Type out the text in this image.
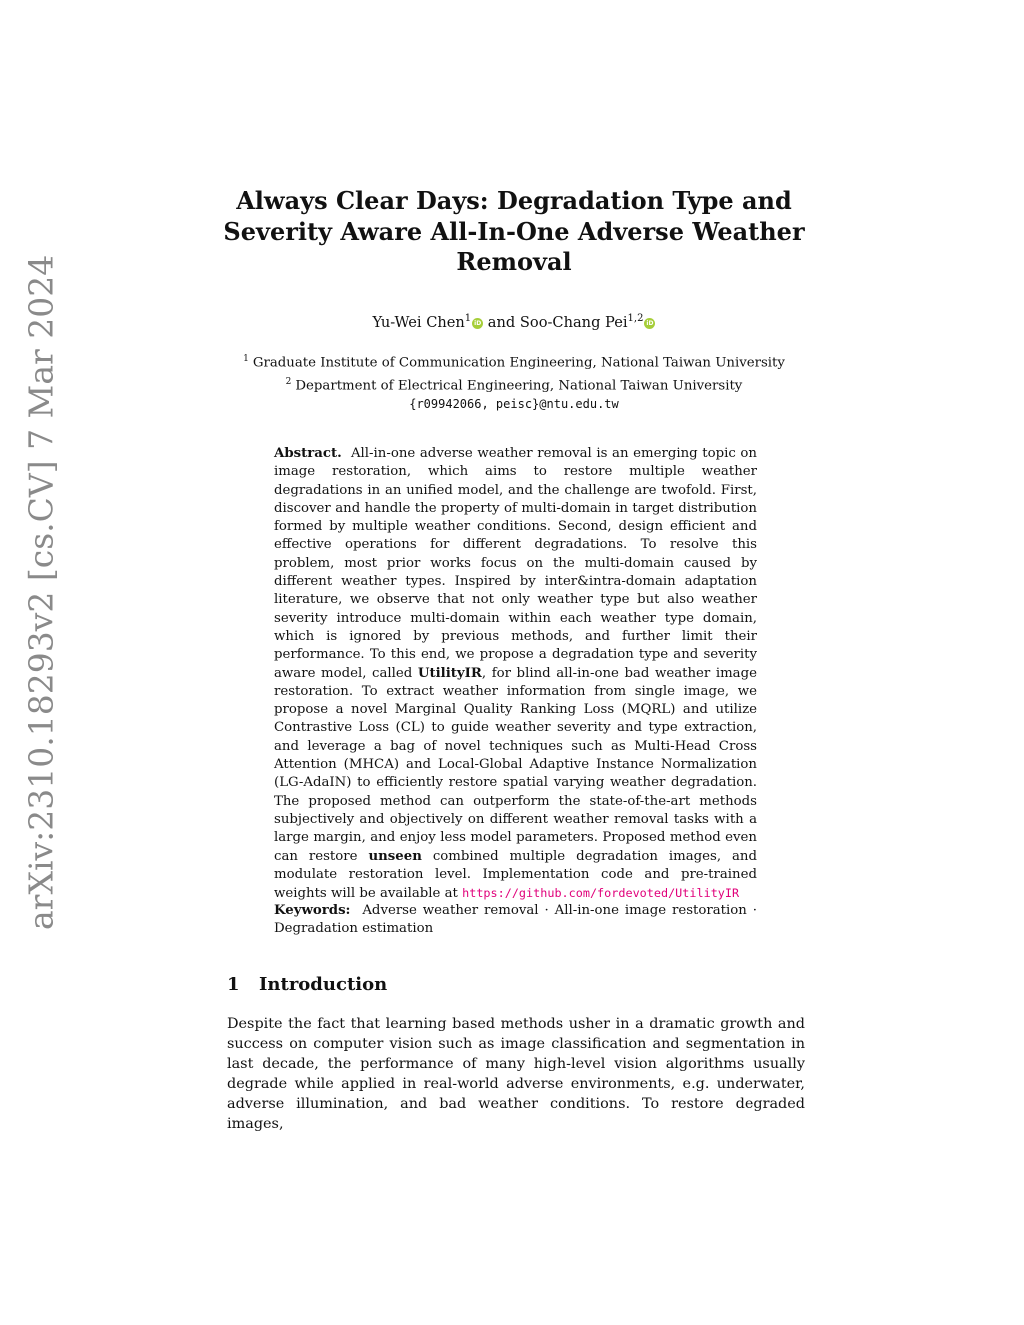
arXiv:2310.18293v2 [cs.CV] 7 Mar 2024
Always Clear Days: Degradation Type and Severity Aware All-In-One Adverse Weather Removal
Yu-Wei Chen$^1$ iD and Soo-Chang Pei$^{1,2}$ iD
$^1$ Graduate Institute of Communication Engineering, National Taiwan University
$^2$ Department of Electrical Engineering, National Taiwan University
{r09942066, peisc}@ntu.edu.tw
Abstract. All-in-one adverse weather removal is an emerging topic on image restoration, which aims to restore multiple weather degradations in an unified model, and the challenge are twofold. First, discover and handle the property of multi-domain in target distribution formed by multiple weather conditions. Second, design efficient and effective operations for different degradations. To resolve this problem, most prior works focus on the multi-domain caused by different weather types. Inspired by inter&intra-domain adaptation literature, we observe that not only weather type but also weather severity introduce multi-domain within each weather type domain, which is ignored by previous methods, and further limit their performance. To this end, we propose a degradation type and severity aware model, called UtilityIR, for blind all-in-one bad weather image restoration. To extract weather information from single image, we propose a novel Marginal Quality Ranking Loss (MQRL) and utilize Contrastive Loss (CL) to guide weather severity and type extraction, and leverage a bag of novel techniques such as Multi-Head Cross Attention (MHCA) and Local-Global Adaptive Instance Normalization (LG-AdaIN) to efficiently restore spatial varying weather degradation. The proposed method can outperform the state-of-the-art methods subjectively and objectively on different weather removal tasks with a large margin, and enjoy less model parameters. Proposed method even can restore unseen combined multiple degradation images, and modulate restoration level. Implementation code and pre-trained weights will be available at https://github.com/fordevoted/UtilityIR
Keywords: Adverse weather removal · All-in-one image restoration · Degradation estimation
1 Introduction
Despite the fact that learning based methods usher in a dramatic growth and success on computer vision such as image classification and segmentation in last decade, the performance of many high-level vision algorithms usually degrade while applied in real-world adverse environments, e.g. underwater, adverse illumination, and bad weather conditions. To restore degraded images,
